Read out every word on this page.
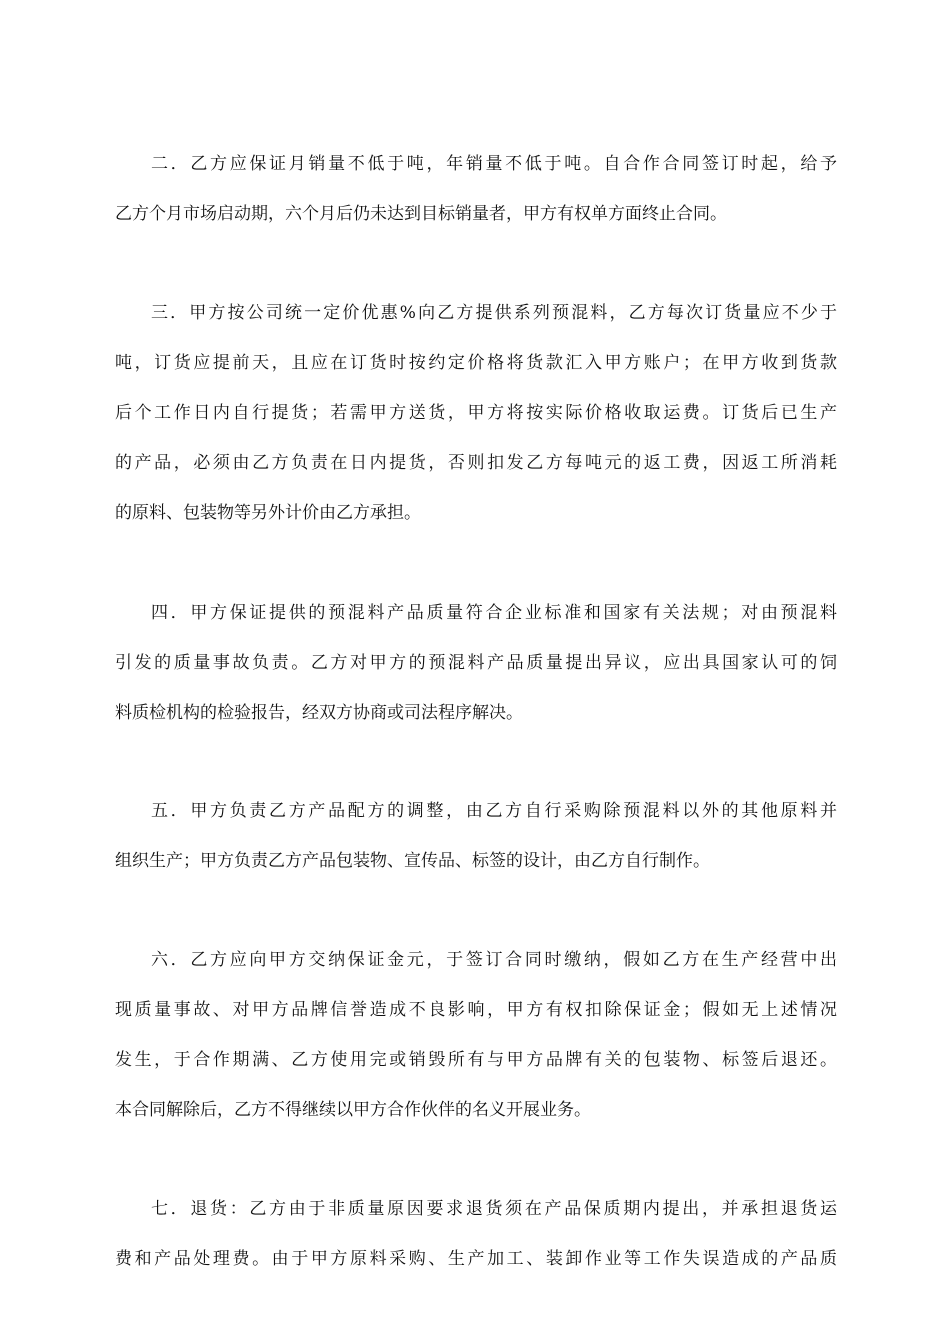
二．乙方应保证月销量不低于吨，年销量不低于吨。自合作合同签订时起，给予
乙方个月市场启动期，六个月后仍未达到目标销量者，甲方有权单方面终止合同。
三．甲方按公司统一定价优惠%向乙方提供系列预混料，乙方每次订货量应不少于
吨，订货应提前天，且应在订货时按约定价格将货款汇入甲方账户；在甲方收到货款
后个工作日内自行提货；若需甲方送货，甲方将按实际价格收取运费。订货后已生产
的产品，必须由乙方负责在日内提货，否则扣发乙方每吨元的返工费，因返工所消耗
的原料、包装物等另外计价由乙方承担。
四．甲方保证提供的预混料产品质量符合企业标准和国家有关法规；对由预混料
引发的质量事故负责。乙方对甲方的预混料产品质量提出异议，应出具国家认可的饲
料质检机构的检验报告，经双方协商或司法程序解决。
五．甲方负责乙方产品配方的调整，由乙方自行采购除预混料以外的其他原料并
组织生产；甲方负责乙方产品包装物、宣传品、标签的设计，由乙方自行制作。
六．乙方应向甲方交纳保证金元，于签订合同时缴纳，假如乙方在生产经营中出
现质量事故、对甲方品牌信誉造成不良影响，甲方有权扣除保证金；假如无上述情况
发生，于合作期满、乙方使用完或销毁所有与甲方品牌有关的包装物、标签后退还。
本合同解除后，乙方不得继续以甲方合作伙伴的名义开展业务。
七．退货：乙方由于非质量原因要求退货须在产品保质期内提出，并承担退货运
费和产品处理费。由于甲方原料采购、生产加工、装卸作业等工作失误造成的产品质
